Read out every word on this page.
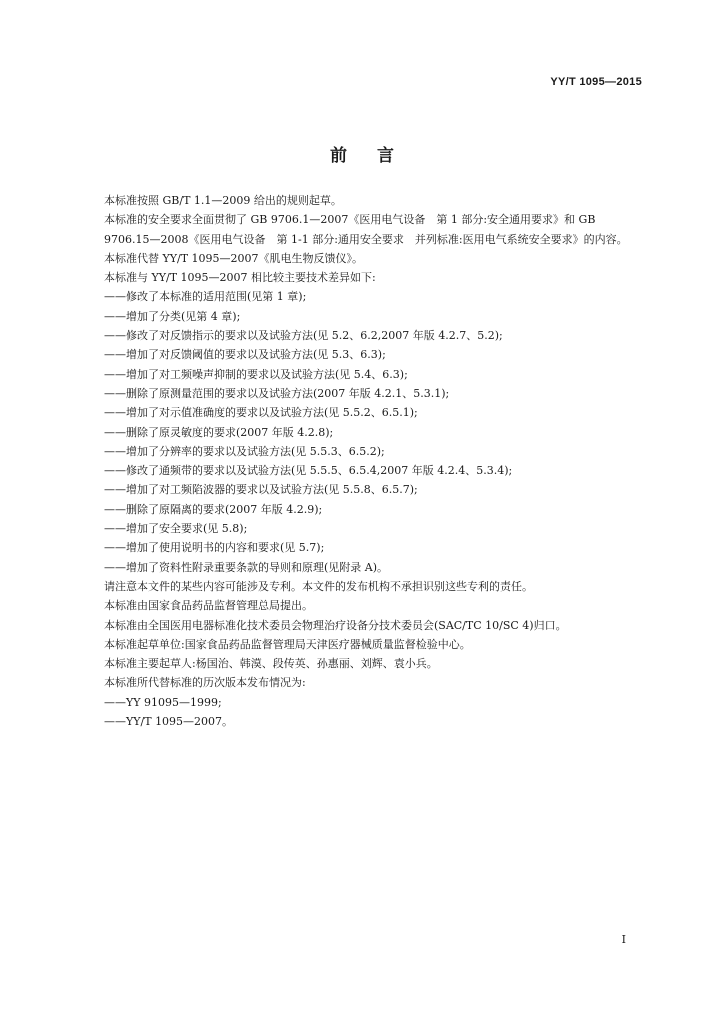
YY/T 1095—2015
前言
本标准按照 GB/T 1.1—2009 给出的规则起草。
本标准的安全要求全面贯彻了 GB 9706.1—2007《医用电气设备　第 1 部分:安全通用要求》和 GB 9706.15—2008《医用电气设备　第 1-1 部分:通用安全要求　并列标准:医用电气系统安全要求》的内容。
本标准代替 YY/T 1095—2007《肌电生物反馈仪》。
本标准与 YY/T 1095—2007 相比较主要技术差异如下:
——修改了本标准的适用范围(见第 1 章);
——增加了分类(见第 4 章);
——修改了对反馈指示的要求以及试验方法(见 5.2、6.2,2007 年版 4.2.7、5.2);
——增加了对反馈阈值的要求以及试验方法(见 5.3、6.3);
——增加了对工频噪声抑制的要求以及试验方法(见 5.4、6.3);
——删除了原测量范围的要求以及试验方法(2007 年版 4.2.1、5.3.1);
——增加了对示值准确度的要求以及试验方法(见 5.5.2、6.5.1);
——删除了原灵敏度的要求(2007 年版 4.2.8);
——增加了分辨率的要求以及试验方法(见 5.5.3、6.5.2);
——修改了通频带的要求以及试验方法(见 5.5.5、6.5.4,2007 年版 4.2.4、5.3.4);
——增加了对工频陷波器的要求以及试验方法(见 5.5.8、6.5.7);
——删除了原隔离的要求(2007 年版 4.2.9);
——增加了安全要求(见 5.8);
——增加了使用说明书的内容和要求(见 5.7);
——增加了资料性附录重要条款的导则和原理(见附录 A)。
请注意本文件的某些内容可能涉及专利。本文件的发布机构不承担识别这些专利的责任。
本标准由国家食品药品监督管理总局提出。
本标准由全国医用电器标准化技术委员会物理治疗设备分技术委员会(SAC/TC 10/SC 4)归口。
本标准起草单位:国家食品药品监督管理局天津医疗器械质量监督检验中心。
本标准主要起草人:杨国治、韩漠、段传英、孙惠丽、刘辉、袁小兵。
本标准所代替标准的历次版本发布情况为:
——YY 91095—1999;
——YY/T 1095—2007。
I
